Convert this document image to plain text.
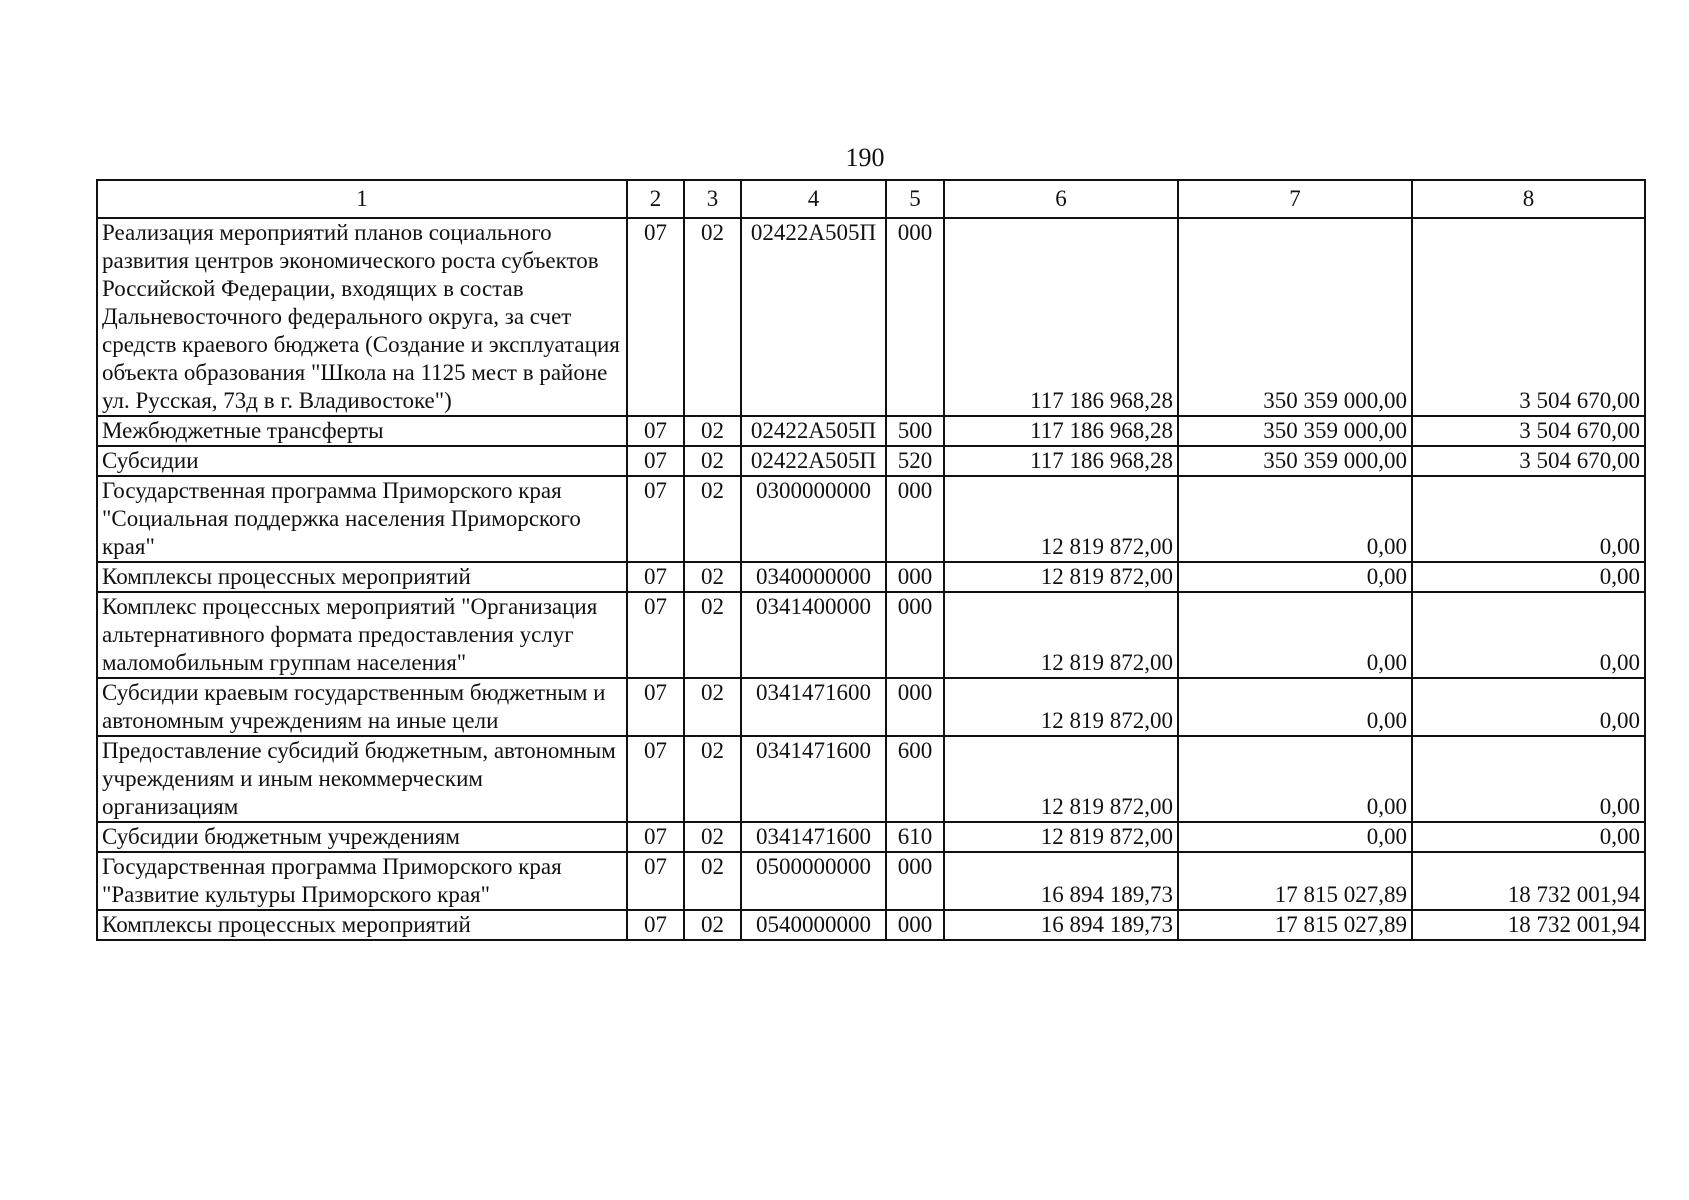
190
1	2	3	4	5	6	7	8
Реализация мероприятий планов социального развития центров экономического роста субъектов Российской Федерации, входящих в состав Дальневосточного федерального округа, за счет средств краевого бюджета (Создание и эксплуатация объекта образования "Школа на 1125 мест в районе ул. Русская, 73д в г. Владивостоке")	07	02	02422А505П	000	117 186 968,28	350 359 000,00	3 504 670,00
Межбюджетные трансферты	07	02	02422А505П	500	117 186 968,28	350 359 000,00	3 504 670,00
Субсидии	07	02	02422А505П	520	117 186 968,28	350 359 000,00	3 504 670,00
Государственная программа Приморского края "Социальная поддержка населения Приморского края"	07	02	0300000000	000	12 819 872,00	0,00	0,00
Комплексы процессных мероприятий	07	02	0340000000	000	12 819 872,00	0,00	0,00
Комплекс процессных мероприятий "Организация альтернативного формата предоставления услуг маломобильным группам населения"	07	02	0341400000	000	12 819 872,00	0,00	0,00
Субсидии краевым государственным бюджетным и автономным учреждениям на иные цели	07	02	0341471600	000	12 819 872,00	0,00	0,00
Предоставление субсидий бюджетным, автономным учреждениям и иным некоммерческим организациям	07	02	0341471600	600	12 819 872,00	0,00	0,00
Субсидии бюджетным учреждениям	07	02	0341471600	610	12 819 872,00	0,00	0,00
Государственная программа Приморского края "Развитие культуры Приморского края"	07	02	0500000000	000	16 894 189,73	17 815 027,89	18 732 001,94
Комплексы процессных мероприятий	07	02	0540000000	000	16 894 189,73	17 815 027,89	18 732 001,94
